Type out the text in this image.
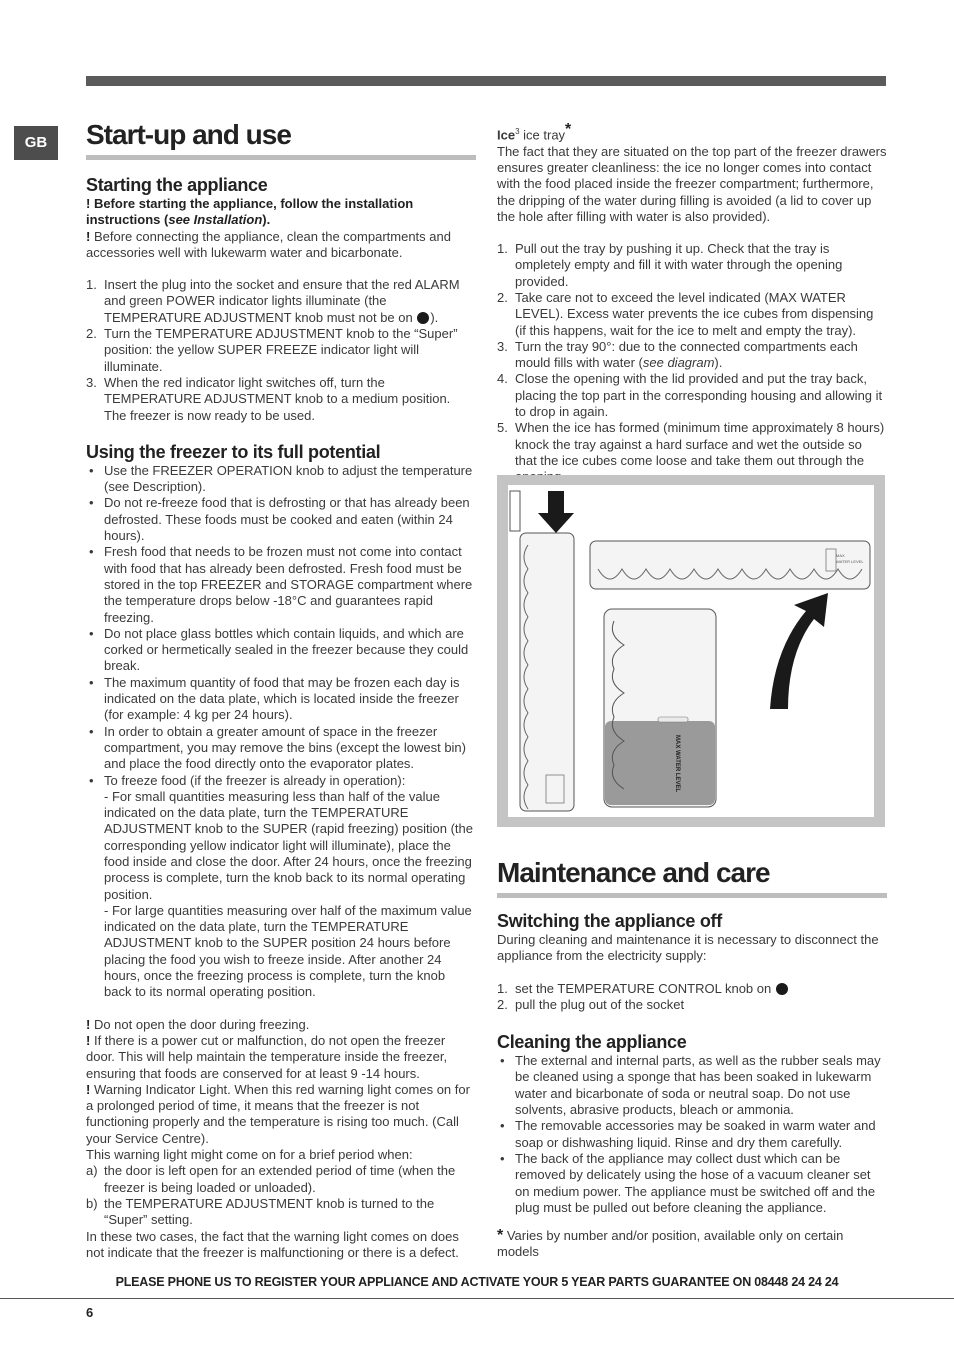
GB	Start-up and use
Starting the appliance

! Before starting the appliance, follow the installation instructions (see Installation).

! Before connecting the appliance, clean the compartments and accessories well with lukewarm water and bicarbonate.

1. Insert the plug into the socket and ensure that the red ALARM and green POWER indicator lights illuminate (the TEMPERATURE ADJUSTMENT knob must not be on ).
2. Turn the TEMPERATURE ADJUSTMENT knob to the “Super” position: the yellow SUPER FREEZE indicator light will illuminate.
3. When the red indicator light switches off, turn the TEMPERATURE ADJUSTMENT knob to a medium position. The freezer is now ready to be used.
Using the freezer to its full potential
• Use the FREEZER OPERATION knob to adjust the temperature (see Description).
• Do not re-freeze food that is defrosting or that has already been defrosted. These foods must be cooked and eaten (within 24 hours).
• Fresh food that needs to be frozen must not come into contact with food that has already been defrosted. Fresh food must be stored in the top FREEZER and STORAGE compartment where the temperature drops below -18°C and guarantees rapid freezing.
• Do not place glass bottles which contain liquids, and which are corked or hermetically sealed in the freezer because they could break.
• The maximum quantity of food that may be frozen each day is indicated on the data plate, which is located inside the freezer (for example: 4 kg per 24 hours).
• In order to obtain a greater amount of space in the freezer compartment, you may remove the bins (except the lowest bin) and place the food directly onto the evaporator plates.
• To freeze food (if the freezer is already in operation):
- For small quantities measuring less than half of the value indicated on the data plate, turn the TEMPERATURE ADJUSTMENT knob to the SUPER (rapid freezing) position (the corresponding yellow indicator light will illuminate), place the food inside and close the door. After 24 hours, once the freezing process is complete, turn the knob back to its normal operating position.
- For large quantities measuring over half of the maximum value indicated on the data plate, turn the TEMPERATURE ADJUSTMENT knob to the SUPER position 24 hours before placing the food you wish to freeze inside. After another 24 hours, once the freezing process is complete, turn the knob back to its normal operating position.

! Do not open the door during freezing.

! If there is a power cut or malfunction, do not open the freezer door. This will help maintain the temperature inside the freezer, ensuring that foods are conserved for at least 9 -14 hours.

! Warning Indicator Light. When this red warning light comes on for a prolonged period of time, it means that the freezer is not functioning properly and the temperature is rising too much. (Call your Service Centre).

This warning light might come on for a brief period when:

a) the door is left open for an extended period of time (when the freezer is being loaded or unloaded).
b) the TEMPERATURE ADJUSTMENT knob is turned to the “Super” setting.

In these two cases, the fact that the warning light comes on does not indicate that the freezer is malfunctioning or there is a defect.

Ice$^3$ ice tray*

The fact that they are situated on the top part of the freezer drawers ensures greater cleanliness: the ice no longer comes into contact with the food placed inside the freezer compartment; furthermore, the dripping of the water during filling is avoided (a lid to cover up the hole after filling with water is also provided).

1. Pull out the tray by pushing it up. Check that the tray is ompletely empty and fill it with water through the opening provided.
2. Take care not to exceed the level indicated (MAX WATER LEVEL). Excess water prevents the ice cubes from dispensing (if this happens, wait for the ice to melt and empty the tray).
3. Turn the tray 90°: due to the connected compartments each mould fills with water (see diagram).
4. Close the opening with the lid provided and put the tray back, placing the top part in the corresponding housing and allowing it to drop in again.
5. When the ice has formed (minimum time approximately 8 hours) knock the tray against a hard surface and wet the outside so that the ice cubes come loose and take them out through the
MAX
WATER LEVEL
MAX WATER LEVEL
Maintenance and care
Switching the appliance off

During cleaning and maintenance it is necessary to disconnect the appliance from the electricity supply:

1. set the TEMPERATURE CONTROL knob on
2. pull the plug out of the socket
Cleaning the appliance
• The external and internal parts, as well as the rubber seals may be cleaned using a sponge that has been soaked in lukewarm water and bicarbonate of soda or neutral soap. Do not use solvents, abrasive products, bleach or ammonia.
• The removable accessories may be soaked in warm water and soap or dishwashing liquid. Rinse and dry them carefully.
• The back of the appliance may collect dust which can be removed by delicately using the hose of a vacuum cleaner set on medium power. The appliance must be switched off and the plug must be pulled out before cleaning the appliance.

* Varies by number and/or position, available only on certain models

PLEASE PHONE US TO REGISTER YOUR APPLIANCE AND ACTIVATE YOUR 5 YEAR PARTS GUARANTEE ON 08448 24 24 24
6
